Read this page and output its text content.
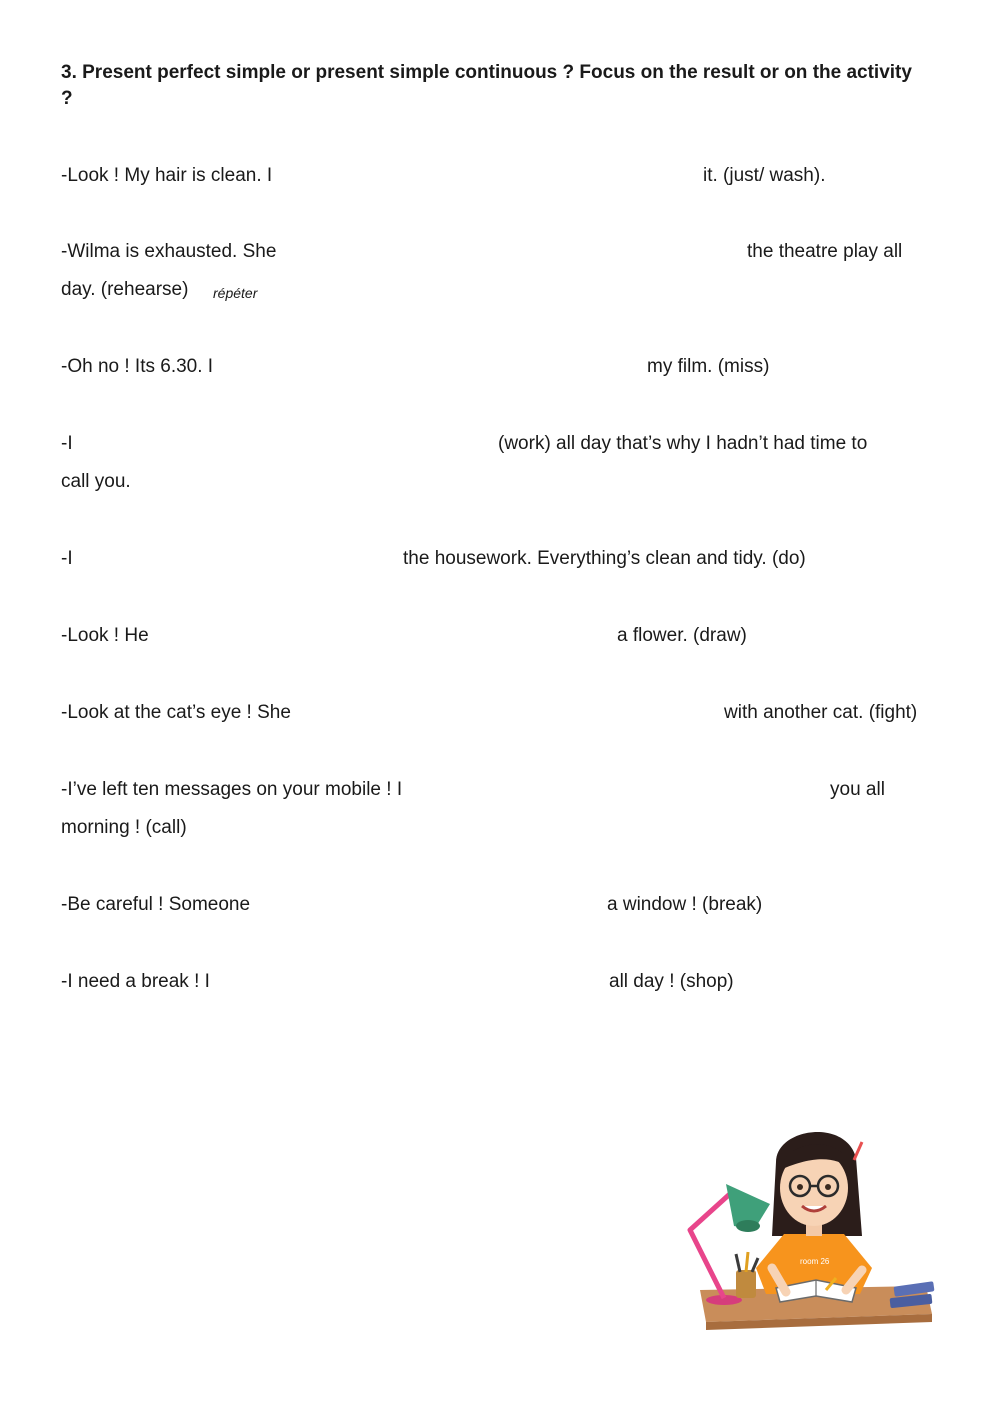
3. Present perfect simple or present simple continuous ? Focus on the result or on the activity ?
-Look ! My hair is clean. I	it. (just/ wash).
-Wilma is exhausted. She	the theatre play all
day. (rehearse) répéter
-Oh no ! Its 6.30. I	my film. (miss)
-I	(work) all day that’s why I hadn’t had time to
call you.
-I	the housework. Everything’s clean and tidy. (do)
-Look ! He	a flower. (draw)
-Look at the cat’s eye ! She	with another cat. (fight)
-I’ve left ten messages on your mobile ! I	you all
morning ! (call)
-Be careful ! Someone	a window ! (break)
-I need a break ! I	all day ! (shop)
room 26
